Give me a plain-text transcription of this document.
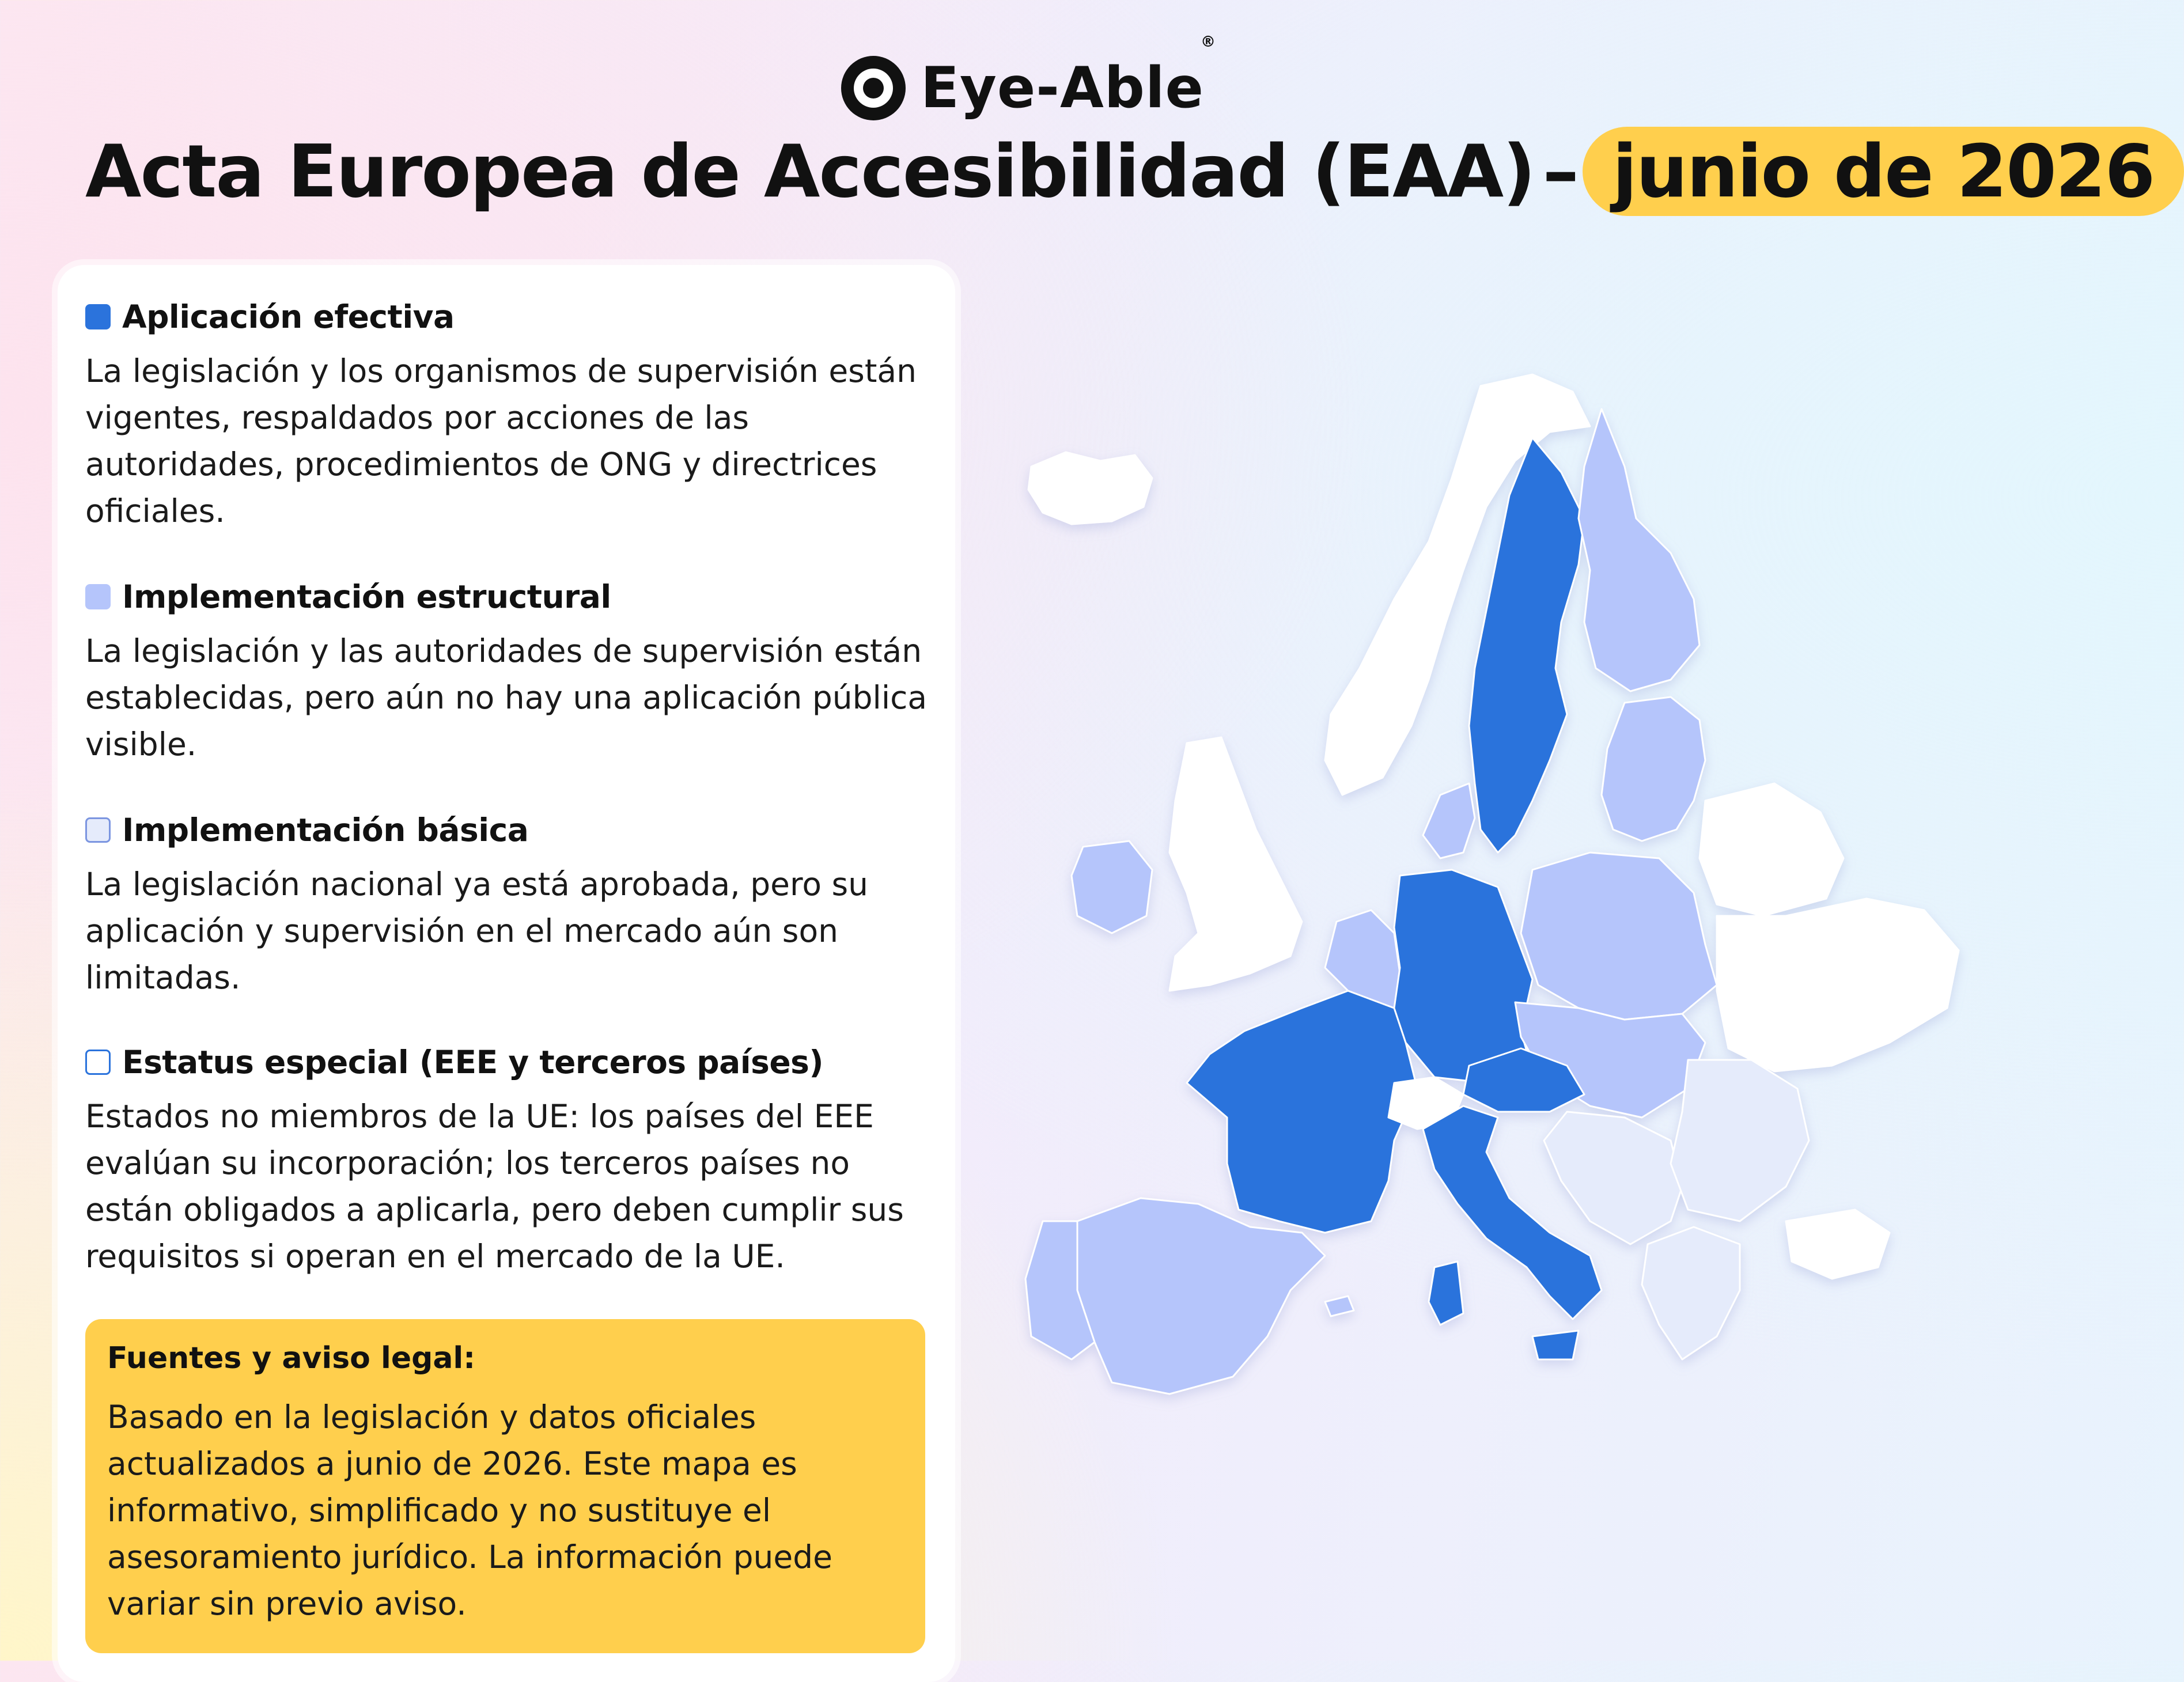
Eye-Able®
Acta Europea de Accesibilidad (EAA) – junio de 2026
Aplicación efectiva
La legislación y los organismos de supervisión están vigentes, respaldados por acciones de las autoridades, procedimientos de ONG y directrices oficiales.
Implementación estructural
La legislación y las autoridades de supervisión están establecidas, pero aún no hay una aplicación pública visible.
Implementación básica
La legislación nacional ya está aprobada, pero su aplicación y supervisión en el mercado aún son limitadas.
Estatus especial (EEE y terceros países)
Estados no miembros de la UE: los países del EEE evalúan su incorporación; los terceros países no están obligados a aplicarla, pero deben cumplir sus requisitos si operan en el mercado de la UE.
Fuentes y aviso legal:
Basado en la legislación y datos oficiales actualizados a junio de 2026. Este mapa es informativo, simplificado y no sustituye el asesoramiento jurídico. La información puede variar sin previo aviso.
